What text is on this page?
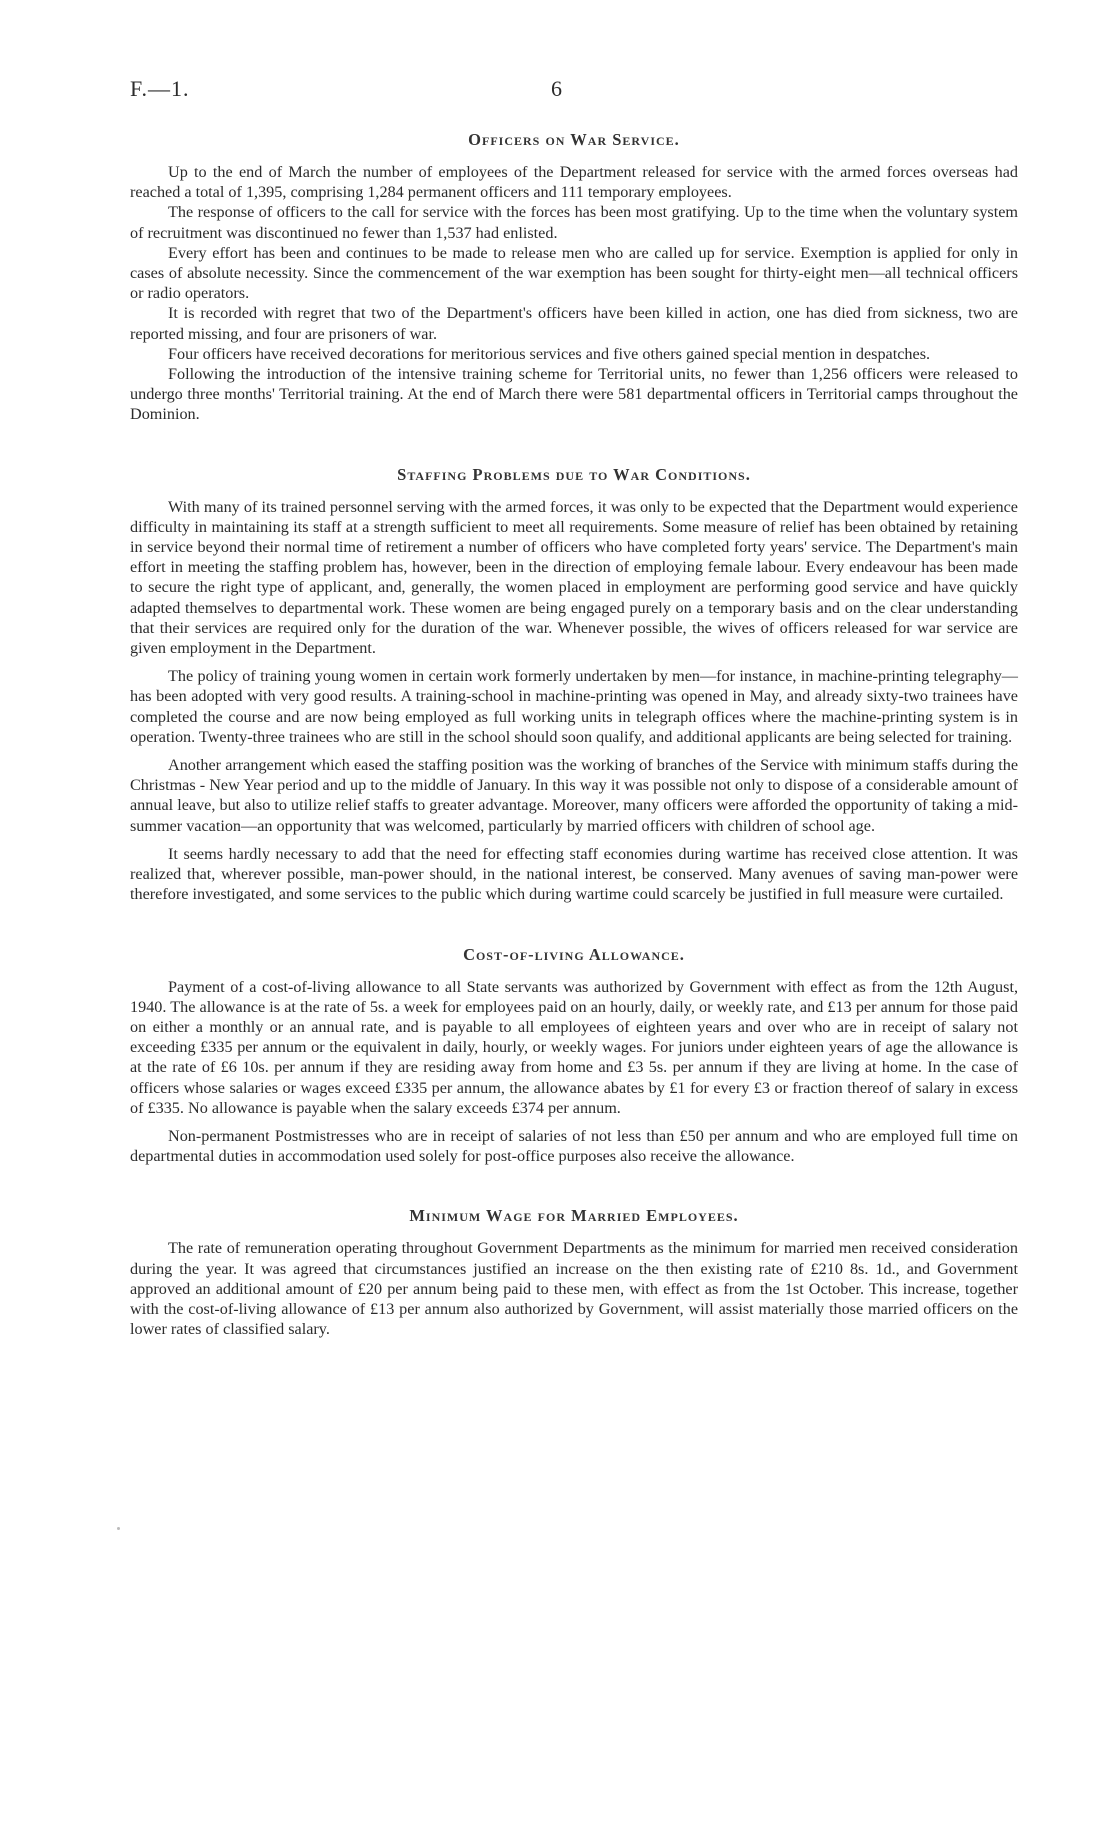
F.—1.	6
Officers on War Service.

Up to the end of March the number of employees of the Department released for service with the armed forces overseas had reached a total of 1,395, comprising 1,284 permanent officers and 111 temporary employees.

The response of officers to the call for service with the forces has been most gratifying. Up to the time when the voluntary system of recruitment was discontinued no fewer than 1,537 had enlisted.

Every effort has been and continues to be made to release men who are called up for service. Exemption is applied for only in cases of absolute necessity. Since the commencement of the war exemption has been sought for thirty-eight men—all technical officers or radio operators.

It is recorded with regret that two of the Department's officers have been killed in action, one has died from sickness, two are reported missing, and four are prisoners of war.

Four officers have received decorations for meritorious services and five others gained special mention in despatches.

Following the introduction of the intensive training scheme for Territorial units, no fewer than 1,256 officers were released to undergo three months' Territorial training. At the end of March there were 581 departmental officers in Territorial camps throughout the Dominion.

Staffing Problems due to War Conditions.

With many of its trained personnel serving with the armed forces, it was only to be expected that the Department would experience difficulty in maintaining its staff at a strength sufficient to meet all requirements. Some measure of relief has been obtained by retaining in service beyond their normal time of retirement a number of officers who have completed forty years' service. The Department's main effort in meeting the staffing problem has, however, been in the direction of employing female labour. Every endeavour has been made to secure the right type of applicant, and, generally, the women placed in employment are performing good service and have quickly adapted themselves to departmental work. These women are being engaged purely on a temporary basis and on the clear understanding that their services are required only for the duration of the war. Whenever possible, the wives of officers released for war service are given employment in the Department.

The policy of training young women in certain work formerly undertaken by men—for instance, in machine-printing telegraphy—has been adopted with very good results. A training-school in machine-printing was opened in May, and already sixty-two trainees have completed the course and are now being employed as full working units in telegraph offices where the machine-printing system is in operation. Twenty-three trainees who are still in the school should soon qualify, and additional applicants are being selected for training.

Another arrangement which eased the staffing position was the working of branches of the Service with minimum staffs during the Christmas - New Year period and up to the middle of January. In this way it was possible not only to dispose of a considerable amount of annual leave, but also to utilize relief staffs to greater advantage. Moreover, many officers were afforded the opportunity of taking a mid-summer vacation—an opportunity that was welcomed, particularly by married officers with children of school age.

It seems hardly necessary to add that the need for effecting staff economies during wartime has received close attention. It was realized that, wherever possible, man-power should, in the national interest, be conserved. Many avenues of saving man-power were therefore investigated, and some services to the public which during wartime could scarcely be justified in full measure were curtailed.

Cost-of-living Allowance.

Payment of a cost-of-living allowance to all State servants was authorized by Government with effect as from the 12th August, 1940. The allowance is at the rate of 5s. a week for employees paid on an hourly, daily, or weekly rate, and £13 per annum for those paid on either a monthly or an annual rate, and is payable to all employees of eighteen years and over who are in receipt of salary not exceeding £335 per annum or the equivalent in daily, hourly, or weekly wages. For juniors under eighteen years of age the allowance is at the rate of £6 10s. per annum if they are residing away from home and £3 5s. per annum if they are living at home. In the case of officers whose salaries or wages exceed £335 per annum, the allowance abates by £1 for every £3 or fraction thereof of salary in excess of £335. No allowance is payable when the salary exceeds £374 per annum.

Non-permanent Postmistresses who are in receipt of salaries of not less than £50 per annum and who are employed full time on departmental duties in accommodation used solely for post-office purposes also receive the allowance.

Minimum Wage for Married Employees.

The rate of remuneration operating throughout Government Departments as the minimum for married men received consideration during the year. It was agreed that circumstances justified an increase on the then existing rate of £210 8s. 1d., and Government approved an additional amount of £20 per annum being paid to these men, with effect as from the 1st October. This increase, together with the cost-of-living allowance of £13 per annum also authorized by Government, will assist materially those married officers on the lower rates of classified salary.
